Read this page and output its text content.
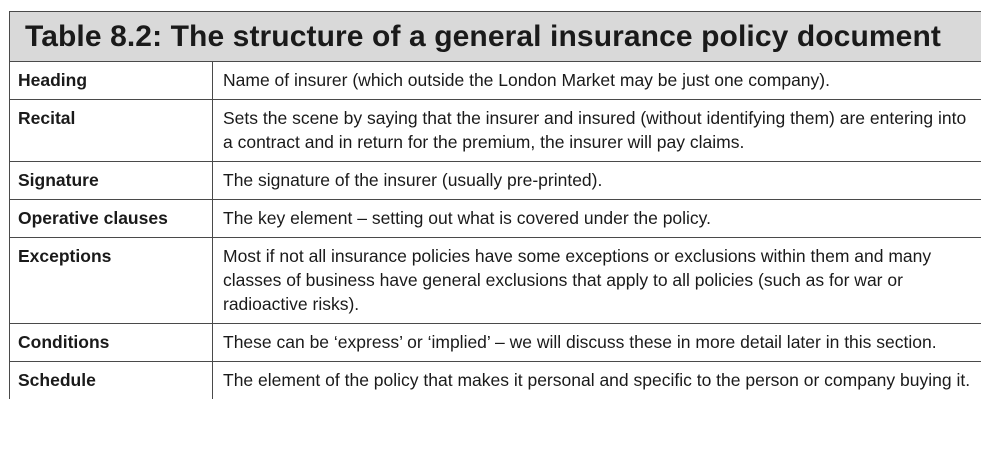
Table 8.2: The structure of a general insurance policy document
Heading	Name of insurer (which outside the London Market may be just one company).
Recital	Sets the scene by saying that the insurer and insured (without identifying them) are entering into a contract and in return for the premium, the insurer will pay claims.
Signature	The signature of the insurer (usually pre-printed).
Operative clauses	The key element – setting out what is covered under the policy.
Exceptions	Most if not all insurance policies have some exceptions or exclusions within them and many classes of business have general exclusions that apply to all policies (such as for war or radioactive risks).
Conditions	These can be ‘express’ or ‘implied’ – we will discuss these in more detail later in this section.
Schedule	The element of the policy that makes it personal and specific to the person or company buying it.
